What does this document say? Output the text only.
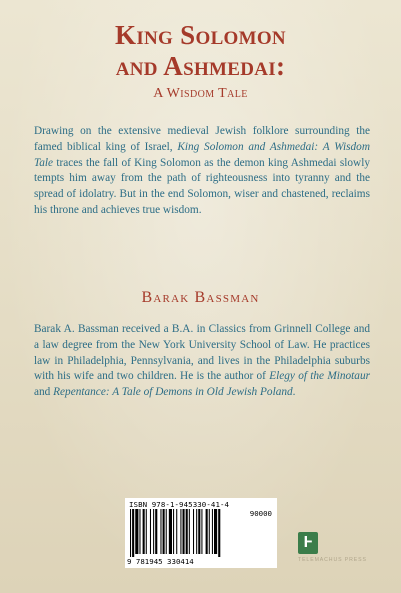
King Solomon
and Ashmedai:
A Wisdom Tale

Drawing on the extensive medieval Jewish folklore surrounding the famed biblical king of Israel, King Solomon and Ashmedai: A Wisdom Tale traces the fall of King Solomon as the demon king Ashmedai slowly tempts him away from the path of righteousness into tyranny and the spread of idolatry. But in the end Solomon, wiser and chastened, reclaims his throne and achieves true wisdom.

Barak Bassman

Barak A. Bassman received a B.A. in Classics from Grinnell College and a law degree from the New York University School of Law. He practices law in Philadelphia, Pennsylvania, and lives in the Philadelphia suburbs with his wife and two children. He is the author of Elegy of the Minotaur and Repentance: A Tale of Demons in Old Jewish Poland.

ISBN 978-1-945330-41-4
90000
9 781945 330414
Ⱶ
TELEMACHUS PRESS
